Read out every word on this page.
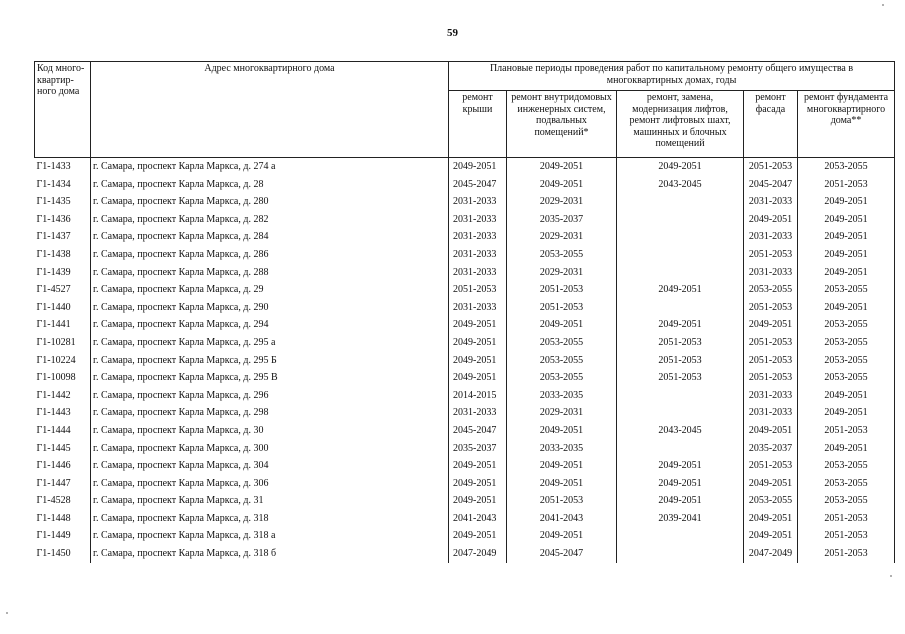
59
Код много-квартир-ного дома	Адрес многоквартирного дома	Плановые периоды проведения работ по капитальному ремонту общего имущества в многоквартирных домах, годы				
		ремонт крыши	ремонт внутридомовых инженерных систем, подвальных помещений*	ремонт, замена, модернизация лифтов, ремонт лифтовых шахт, машинных и блочных помещений	ремонт фасада	ремонт фундамента многоквартирного дома**
Г1-1433	г. Самара, проспект Карла Маркса, д. 274 а	2049-2051	2049-2051	2049-2051	2051-2053	2053-2055
Г1-1434	г. Самара, проспект Карла Маркса, д. 28	2045-2047	2049-2051	2043-2045	2045-2047	2051-2053
Г1-1435	г. Самара, проспект Карла Маркса, д. 280	2031-2033	2029-2031		2031-2033	2049-2051
Г1-1436	г. Самара, проспект Карла Маркса, д. 282	2031-2033	2035-2037		2049-2051	2049-2051
Г1-1437	г. Самара, проспект Карла Маркса, д. 284	2031-2033	2029-2031		2031-2033	2049-2051
Г1-1438	г. Самара, проспект Карла Маркса, д. 286	2031-2033	2053-2055		2051-2053	2049-2051
Г1-1439	г. Самара, проспект Карла Маркса, д. 288	2031-2033	2029-2031		2031-2033	2049-2051
Г1-4527	г. Самара, проспект Карла Маркса, д. 29	2051-2053	2051-2053	2049-2051	2053-2055	2053-2055
Г1-1440	г. Самара, проспект Карла Маркса, д. 290	2031-2033	2051-2053		2051-2053	2049-2051
Г1-1441	г. Самара, проспект Карла Маркса, д. 294	2049-2051	2049-2051	2049-2051	2049-2051	2053-2055
Г1-10281	г. Самара, проспект Карла Маркса, д. 295 а	2049-2051	2053-2055	2051-2053	2051-2053	2053-2055
Г1-10224	г. Самара, проспект Карла Маркса, д. 295 Б	2049-2051	2053-2055	2051-2053	2051-2053	2053-2055
Г1-10098	г. Самара, проспект Карла Маркса, д. 295 В	2049-2051	2053-2055	2051-2053	2051-2053	2053-2055
Г1-1442	г. Самара, проспект Карла Маркса, д. 296	2014-2015	2033-2035		2031-2033	2049-2051
Г1-1443	г. Самара, проспект Карла Маркса, д. 298	2031-2033	2029-2031		2031-2033	2049-2051
Г1-1444	г. Самара, проспект Карла Маркса, д. 30	2045-2047	2049-2051	2043-2045	2049-2051	2051-2053
Г1-1445	г. Самара, проспект Карла Маркса, д. 300	2035-2037	2033-2035		2035-2037	2049-2051
Г1-1446	г. Самара, проспект Карла Маркса, д. 304	2049-2051	2049-2051	2049-2051	2051-2053	2053-2055
Г1-1447	г. Самара, проспект Карла Маркса, д. 306	2049-2051	2049-2051	2049-2051	2049-2051	2053-2055
Г1-4528	г. Самара, проспект Карла Маркса, д. 31	2049-2051	2051-2053	2049-2051	2053-2055	2053-2055
Г1-1448	г. Самара, проспект Карла Маркса, д. 318	2041-2043	2041-2043	2039-2041	2049-2051	2051-2053
Г1-1449	г. Самара, проспект Карла Маркса, д. 318 а	2049-2051	2049-2051		2049-2051	2051-2053
Г1-1450	г. Самара, проспект Карла Маркса, д. 318 б	2047-2049	2045-2047		2047-2049	2051-2053
